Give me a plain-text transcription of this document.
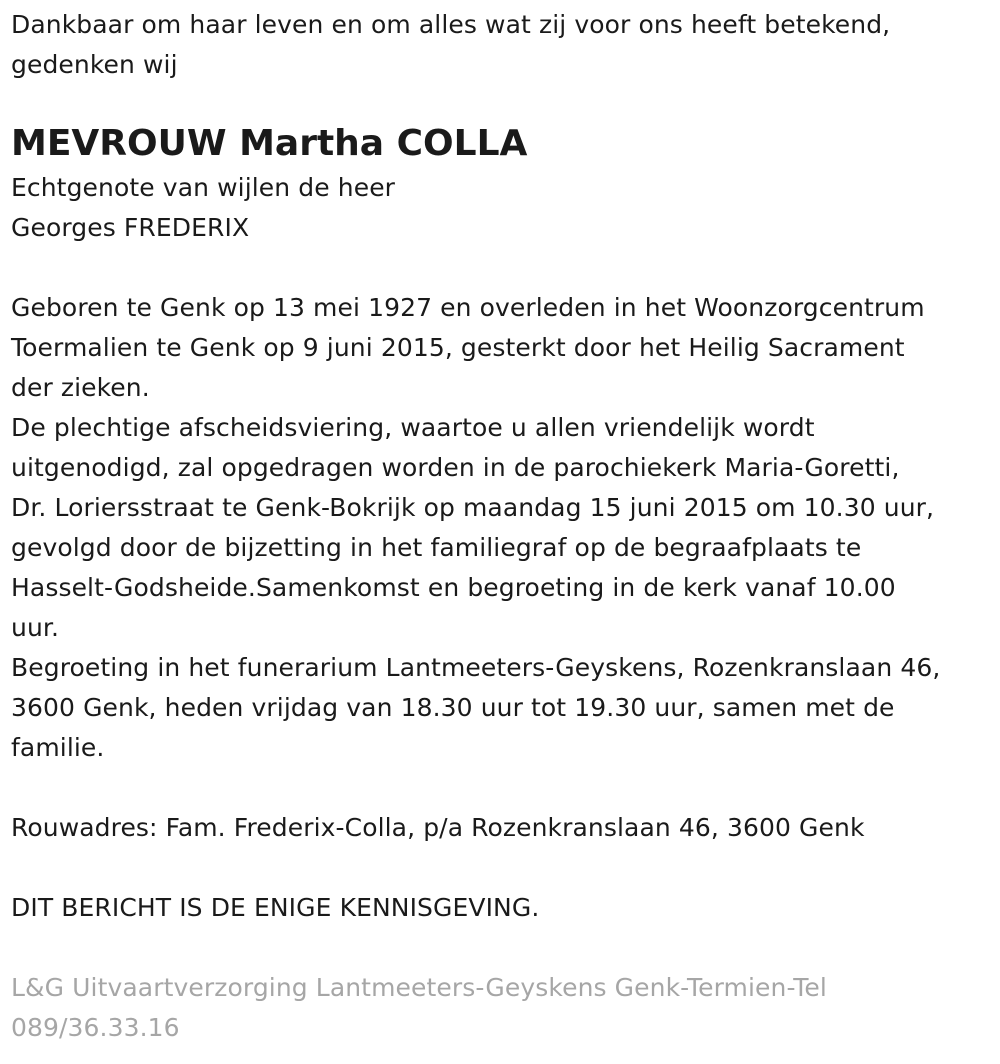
Dankbaar om haar leven en om alles wat zij voor ons heeft betekend,
gedenken wij
MEVROUW Martha COLLA
Echtgenote van wijlen de heer
Georges FREDERIX
Geboren te Genk op 13 mei 1927 en overleden in het Woonzorgcentrum
Toermalien te Genk op 9 juni 2015, gesterkt door het Heilig Sacrament
der zieken.
De plechtige afscheidsviering, waartoe u allen vriendelijk wordt
uitgenodigd, zal opgedragen worden in de parochiekerk Maria-Goretti,
Dr. Loriersstraat te Genk-Bokrijk op maandag 15 juni 2015 om 10.30 uur,
gevolgd door de bijzetting in het familiegraf op de begraafplaats te
Hasselt-Godsheide.Samenkomst en begroeting in de kerk vanaf 10.00
uur.
Begroeting in het funerarium Lantmeeters-Geyskens, Rozenkranslaan 46,
3600 Genk, heden vrijdag van 18.30 uur tot 19.30 uur, samen met de
familie.
Rouwadres: Fam. Frederix-Colla, p/a Rozenkranslaan 46, 3600 Genk
DIT BERICHT IS DE ENIGE KENNISGEVING.
L&G Uitvaartverzorging Lantmeeters-Geyskens Genk-Termien-Tel
089/36.33.16
